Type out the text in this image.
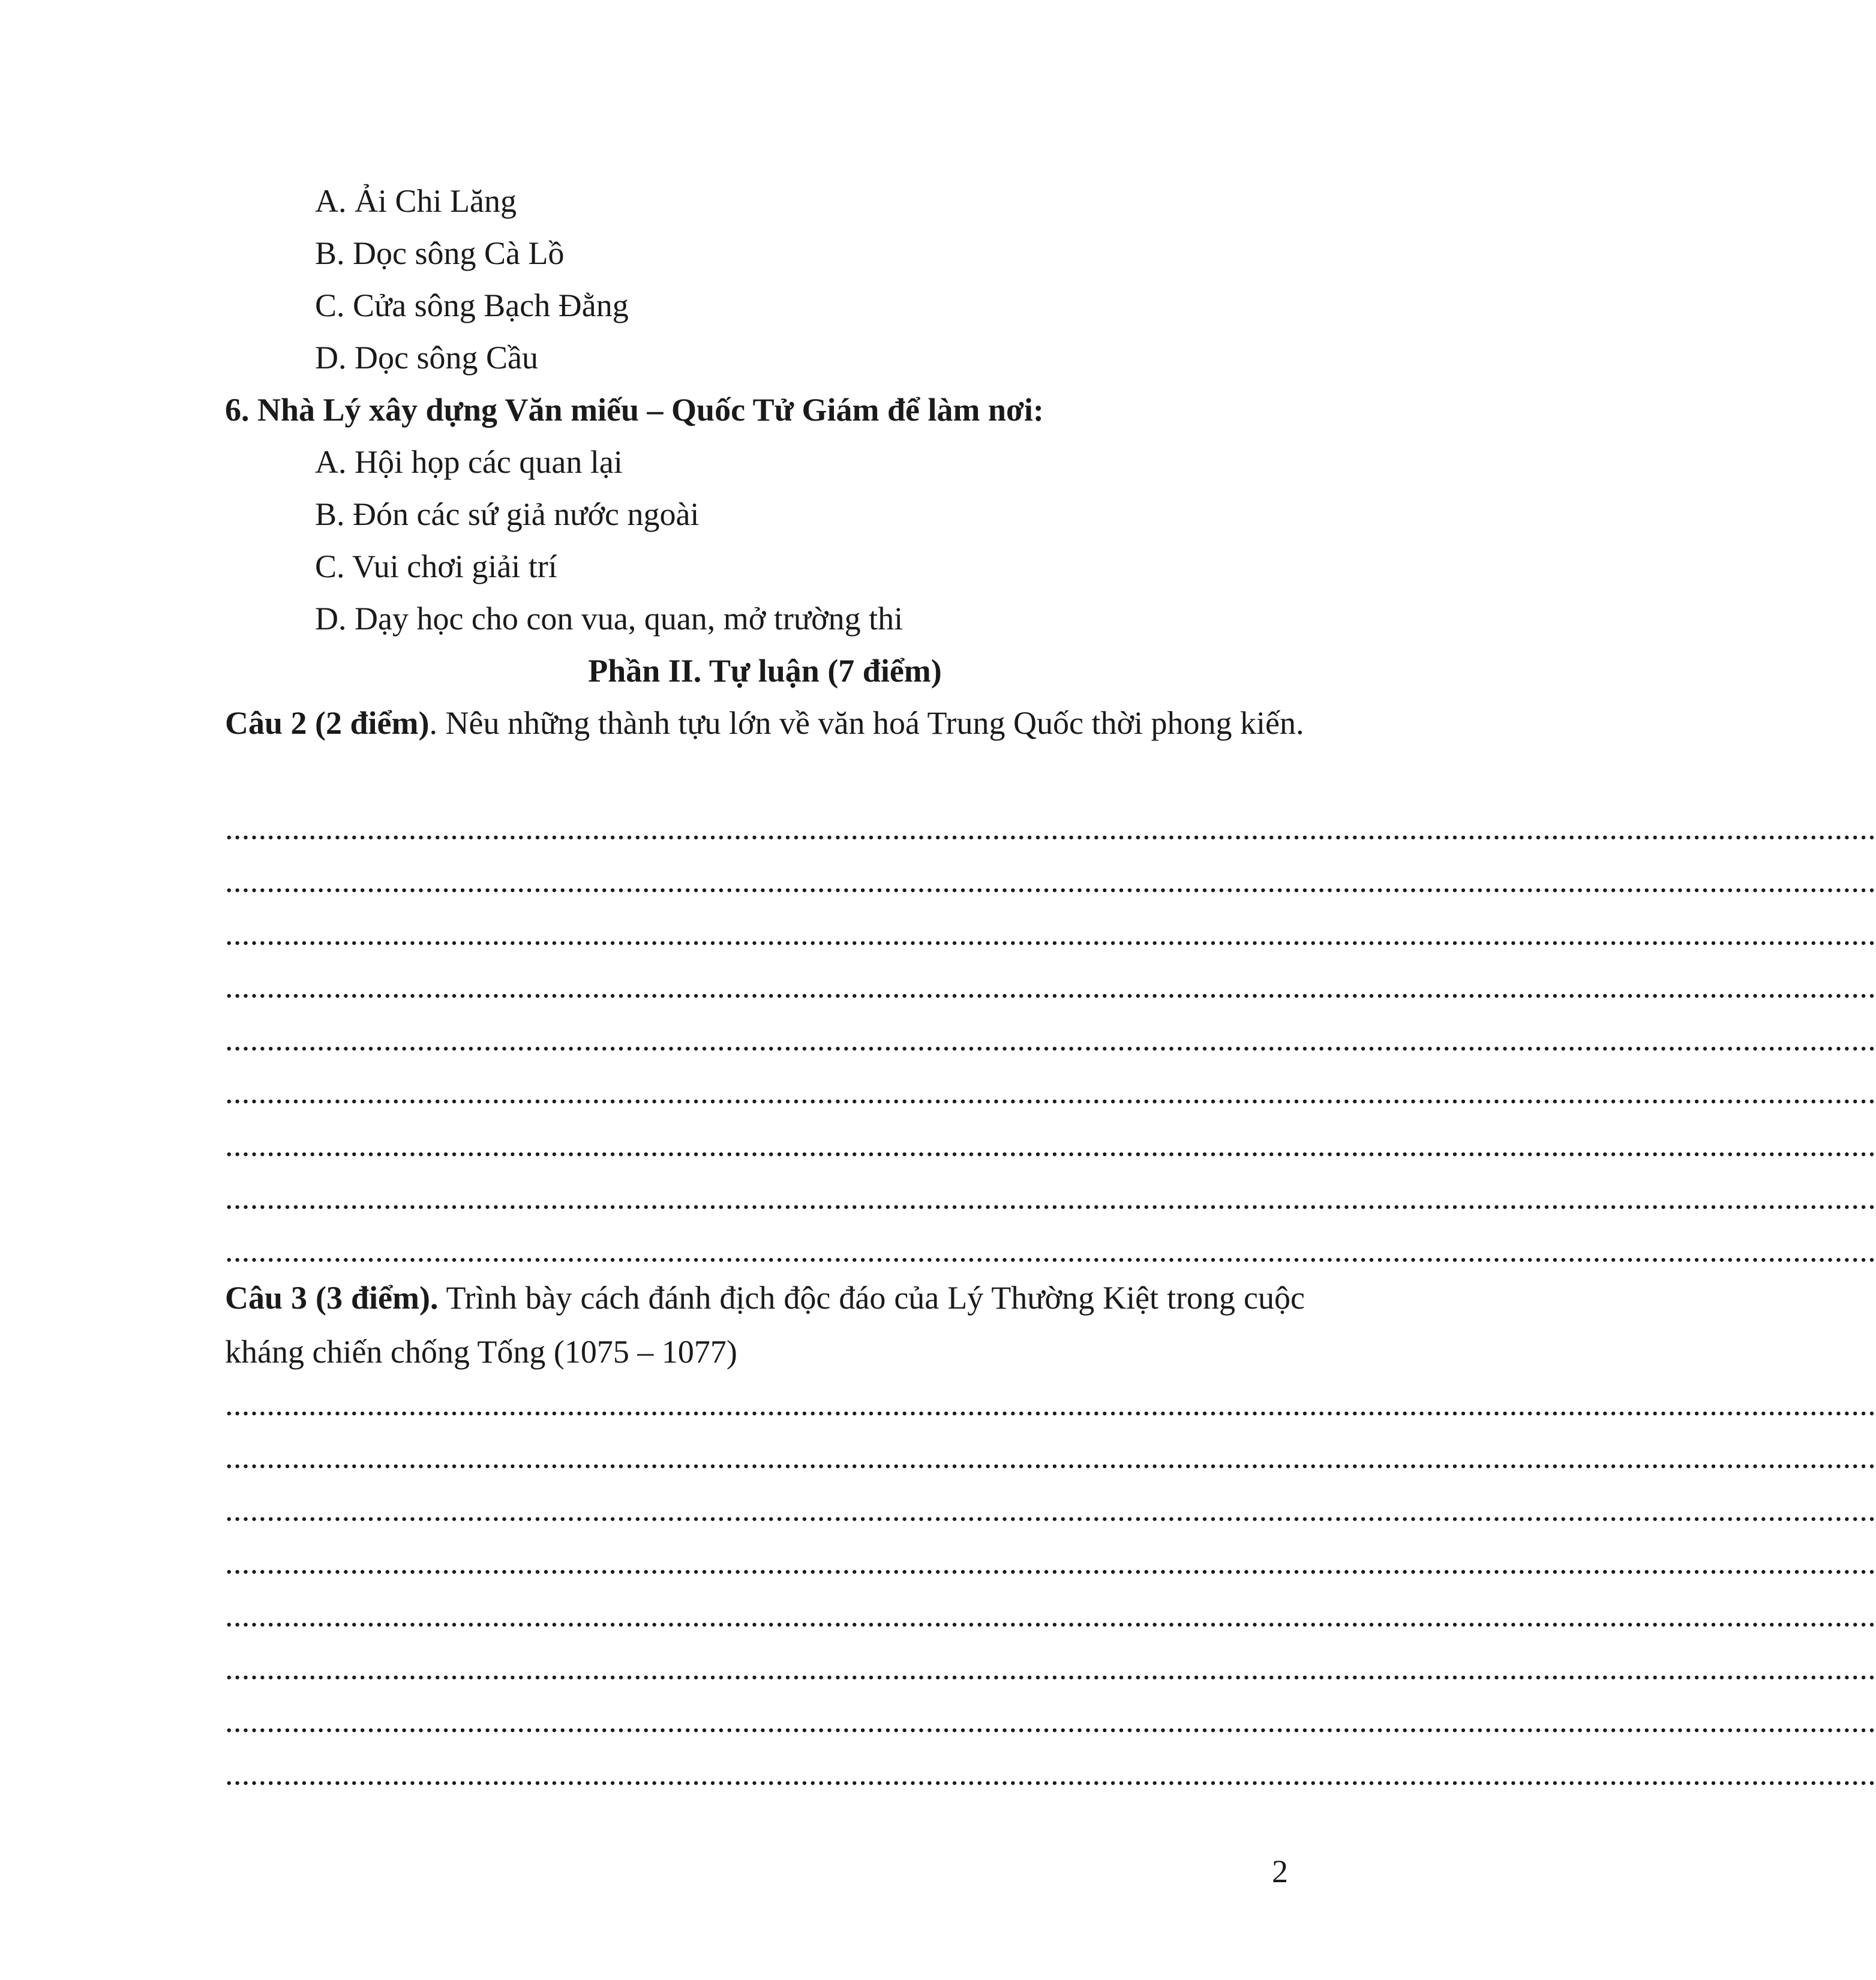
A. Ải Chi Lăng
B. Dọc sông Cà Lồ
C. Cửa sông Bạch Đằng
D. Dọc sông Cầu
6. Nhà Lý xây dựng Văn miếu – Quốc Tử Giám để làm nơi:
A. Hội họp các quan lại
B. Đón các sứ giả nước ngoài
C. Vui chơi giải trí
D. Dạy học cho con vua, quan, mở trường thi
Phần II. Tự luận (7 điểm)
Câu 2 (2 điểm). Nêu những thành tựu lớn về văn hoá Trung Quốc thời phong kiến.
......................................................................................................................................................................................................
......................................................................................................................................................................................................
......................................................................................................................................................................................................
......................................................................................................................................................................................................
......................................................................................................................................................................................................
......................................................................................................................................................................................................
......................................................................................................................................................................................................
......................................................................................................................................................................................................
......................................................................................................................................................................................................
Câu 3 (3 điểm). Trình bày cách đánh địch độc đáo của Lý Thường Kiệt trong cuộc kháng chiến chống Tống (1075 – 1077)
......................................................................................................................................................................................................
......................................................................................................................................................................................................
......................................................................................................................................................................................................
......................................................................................................................................................................................................
......................................................................................................................................................................................................
......................................................................................................................................................................................................
......................................................................................................................................................................................................
......................................................................................................................................................................................................
2
